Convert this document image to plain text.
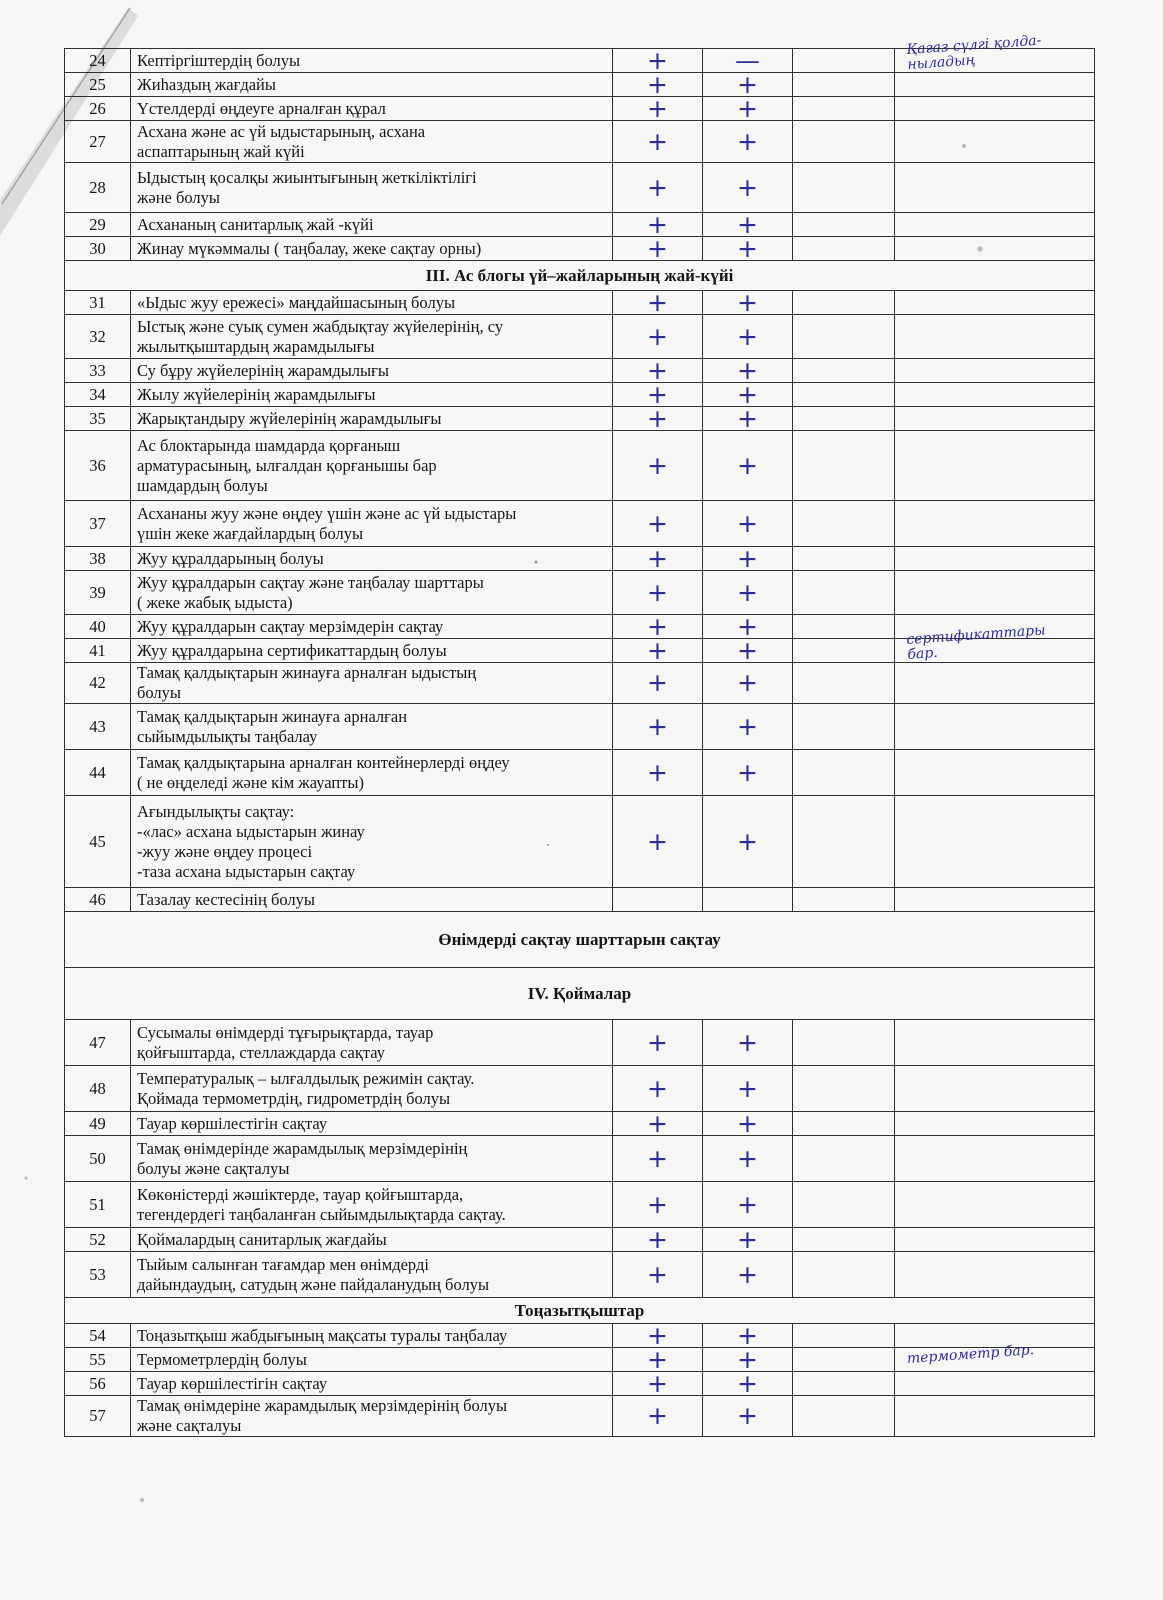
24	Кептіргіштердің болуы	+	—		Қағаз сүлгі қолда-
ныладың

25	Жиһаздың жағдайы	+	+		
26	Үстелдерді өңдеуге арналған құрал	+	+		
27	Асхана және ас үй ыдыстарының, асхана
аспаптарының жай күйі	+	+		
28	Ыдыстың қосалқы жиынтығының жеткіліктілігі
және болуы	+	+		
29	Асхананың санитарлық жай -күйі	+	+		
30	Жинау мүкәммалы ( таңбалау, жеке сақтау орны)	+	+		
III. Ас блогы үй–жайларының жай-күйі					
31	«Ыдыс жуу ережесі» маңдайшасының болуы	+	+		
32	Ыстық және суық сумен жабдықтау жүйелерінің, су
жылытқыштардың жарамдылығы	+	+		
33	Су бұру жүйелерінің жарамдылығы	+	+		
34	Жылу жүйелерінің жарамдылығы	+	+		
35	Жарықтандыру жүйелерінің жарамдылығы	+	+		
36	Ас блоктарында шамдарда қорғаныш
арматурасының, ылғалдан қорғанышы бар
шамдардың болуы	+	+		
37	Асхананы жуу және өңдеу үшін және ас үй ыдыстары
үшін жеке жағдайлардың болуы	+	+		
38	Жуу құралдарының болуы	+	+		
39	Жуу құралдарын сақтау және таңбалау шарттары
( жеке жабық ыдыста)	+	+		
40	Жуу құралдарын сақтау мерзімдерін сақтау	+	+		
41	Жуу құралдарына сертификаттардың болуы	+	+		сертификаттары
бар.

42	Тамақ қалдықтарын жинауға арналған ыдыстың
болуы	+	+		
43	Тамақ қалдықтарын жинауға арналған
сыйымдылықты таңбалау	+	+		
44	Тамақ қалдықтарына арналған контейнерлерді өңдеу
( не өңделеді және кім жауапты)	+	+		
45	Ағындылықты сақтау:
-«лас» асхана ыдыстарын жинау
-жуу және өңдеу процесі
-таза асхана ыдыстарын сақтау	+	+		
46	Тазалау кестесінің болуы				

Өнімдерді сақтау шарттарын сақтау					
IV. Қоймалар					
47	Сусымалы өнімдерді тұғырықтарда, тауар
қойғыштарда, стеллаждарда сақтау	+	+		
48	Температуралық – ылғалдылық режимін сақтау.
Қоймада термометрдің, гидрометрдің болуы	+	+		
49	Тауар көршілестігін сақтау	+	+		
50	Тамақ өнімдерінде жарамдылық мерзімдерінің
болуы және сақталуы	+	+		
51	Көкөністерді жәшіктерде, тауар қойғыштарда,
тегендердегі таңбаланған сыйымдылықтарда сақтау.	+	+		
52	Қоймалардың санитарлық жағдайы	+	+		
53	Тыйым салынған тағамдар мен өнімдерді
дайындаудың, сатудың және пайдаланудың болуы	+	+		
Тоңазытқыштар					
54	Тоңазытқыш жабдығының мақсаты туралы таңбалау	+	+		
55	Термометрлердің болуы	+	+		термометр бар.

56	Тауар көршілестігін сақтау	+	+		
57	Тамақ өнімдеріне жарамдылық мерзімдерінің болуы
және сақталуы	+	+		
